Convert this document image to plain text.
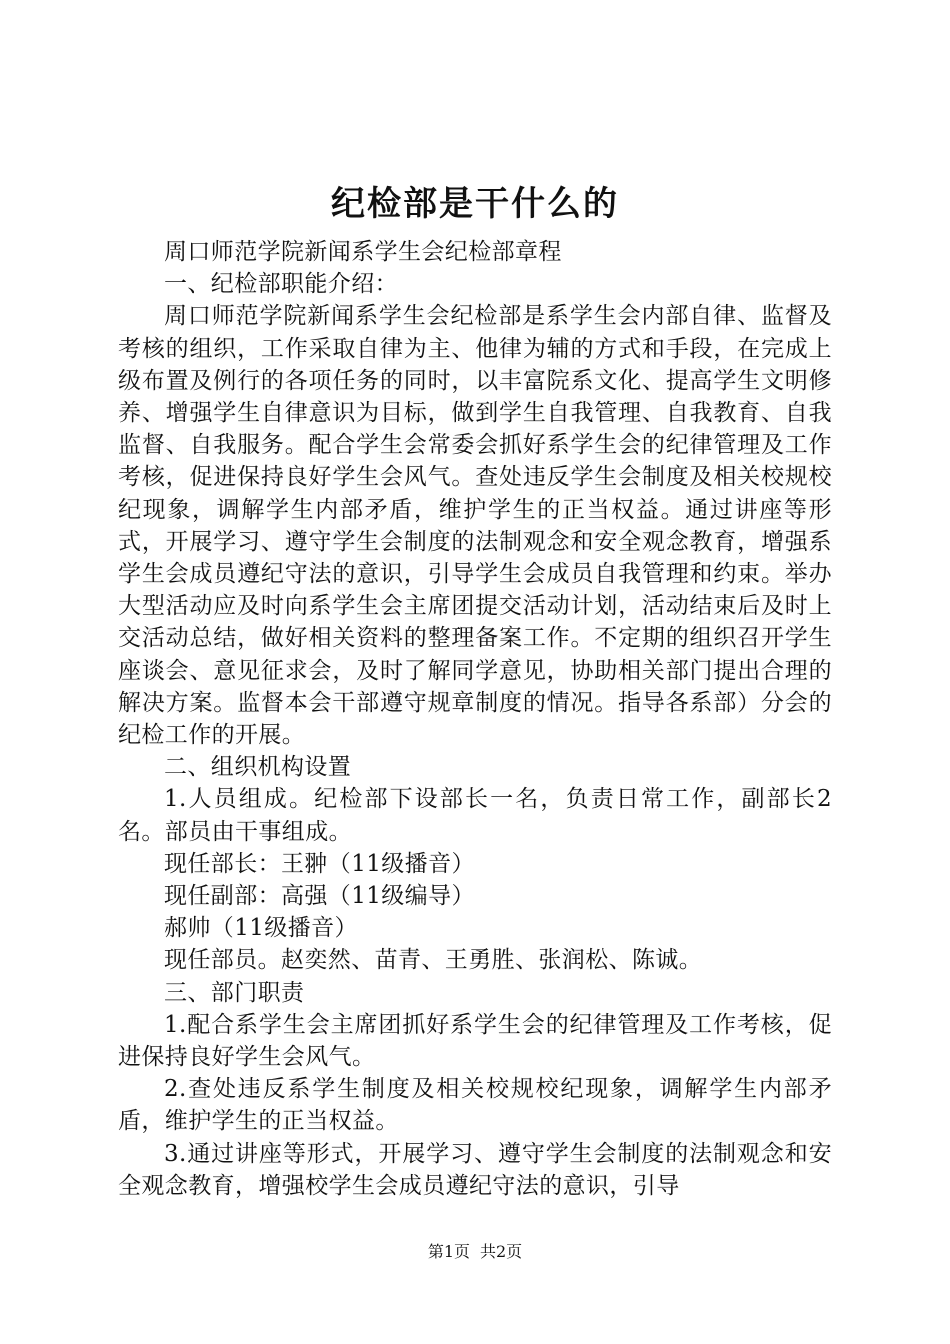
纪检部是干什么的

周口师范学院新闻系学生会纪检部章程

一、纪检部职能介绍：

周口师范学院新闻系学生会纪检部是系学生会内部自律、监督及考核的组织，工作采取自律为主、他律为辅的方式和手段，在完成上级布置及例行的各项任务的同时，以丰富院系文化、提高学生文明修养、增强学生自律意识为目标，做到学生自我管理、自我教育、自我监督、自我服务。配合学生会常委会抓好系学生会的纪律管理及工作考核，促进保持良好学生会风气。查处违反学生会制度及相关校规校纪现象，调解学生内部矛盾，维护学生的正当权益。通过讲座等形式，开展学习、遵守学生会制度的法制观念和安全观念教育，增强系学生会成员遵纪守法的意识，引导学生会成员自我管理和约束。举办大型活动应及时向系学生会主席团提交活动计划，活动结束后及时上交活动总结，做好相关资料的整理备案工作。不定期的组织召开学生座谈会、意见征求会，及时了解同学意见，协助相关部门提出合理的解决方案。监督本会干部遵守规章制度的情况。指导各系部）分会的纪检工作的开展。

二、组织机构设置

1.人员组成。纪检部下设部长一名，负责日常工作，副部长2名。部员由干事组成。

现任部长：王翀（11级播音）

现任副部：高强（11级编导）

郝帅（11级播音）

现任部员。赵奕然、苗青、王勇胜、张润松、陈诚。

三、部门职责

1.配合系学生会主席团抓好系学生会的纪律管理及工作考核，促进保持良好学生会风气。

2.查处违反系学生制度及相关校规校纪现象，调解学生内部矛盾，维护学生的正当权益。

3.通过讲座等形式，开展学习、遵守学生会制度的法制观念和安全观念教育，增强校学生会成员遵纪守法的意识，引导

第1页 共2页
